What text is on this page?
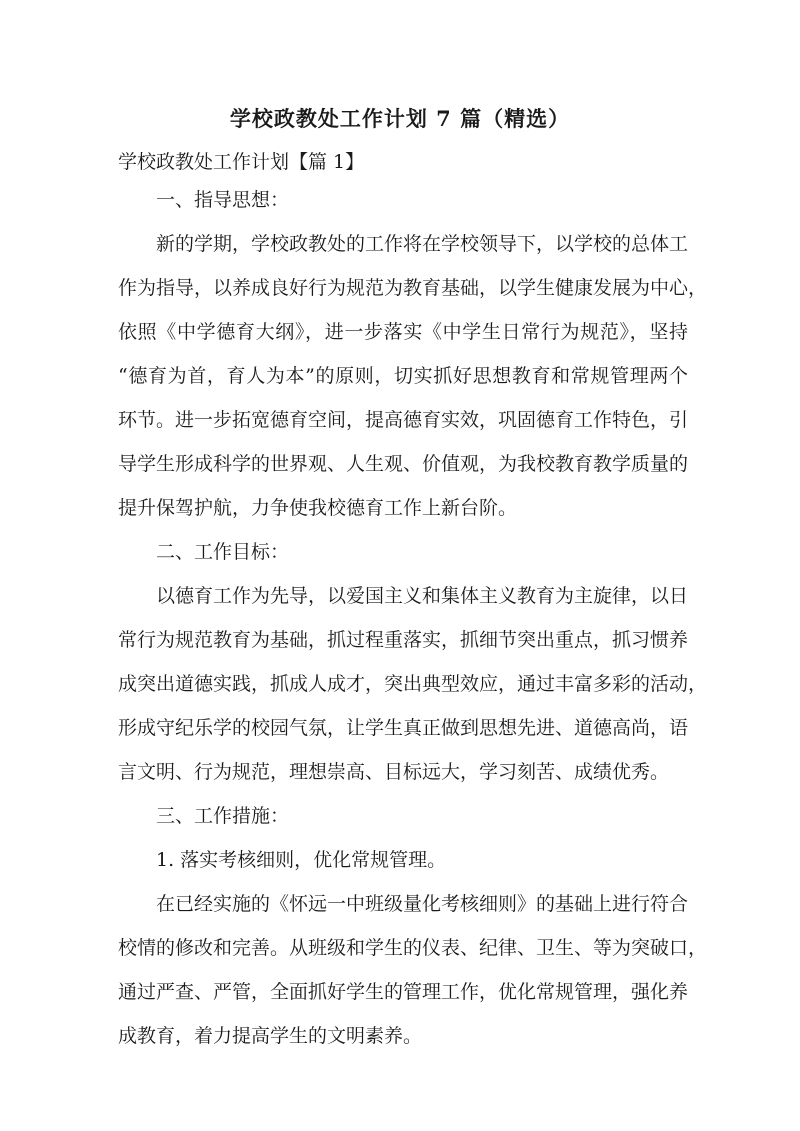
学校政教处工作计划 7 篇（精选）

学校政教处工作计划【篇 1】

一、指导思想：

新的学期，学校政教处的工作将在学校领导下，以学校的总体工

作为指导，以养成良好行为规范为教育基础，以学生健康发展为中心，

依照《中学德育大纲》，进一步落实《中学生日常行为规范》，坚持

“德育为首，育人为本”的原则，切实抓好思想教育和常规管理两个

环节。进一步拓宽德育空间，提高德育实效，巩固德育工作特色，引

导学生形成科学的世界观、人生观、价值观，为我校教育教学质量的

提升保驾护航，力争使我校德育工作上新台阶。

二、工作目标：

以德育工作为先导，以爱国主义和集体主义教育为主旋律，以日

常行为规范教育为基础，抓过程重落实，抓细节突出重点，抓习惯养

成突出道德实践，抓成人成才，突出典型效应，通过丰富多彩的活动，

形成守纪乐学的校园气氛，让学生真正做到思想先进、道德高尚，语

言文明、行为规范，理想崇高、目标远大，学习刻苦、成绩优秀。

三、工作措施：

1. 落实考核细则，优化常规管理。

在已经实施的《怀远一中班级量化考核细则》的基础上进行符合

校情的修改和完善。从班级和学生的仪表、纪律、卫生、等为突破口，

通过严查、严管，全面抓好学生的管理工作，优化常规管理，强化养

成教育，着力提高学生的文明素养。
